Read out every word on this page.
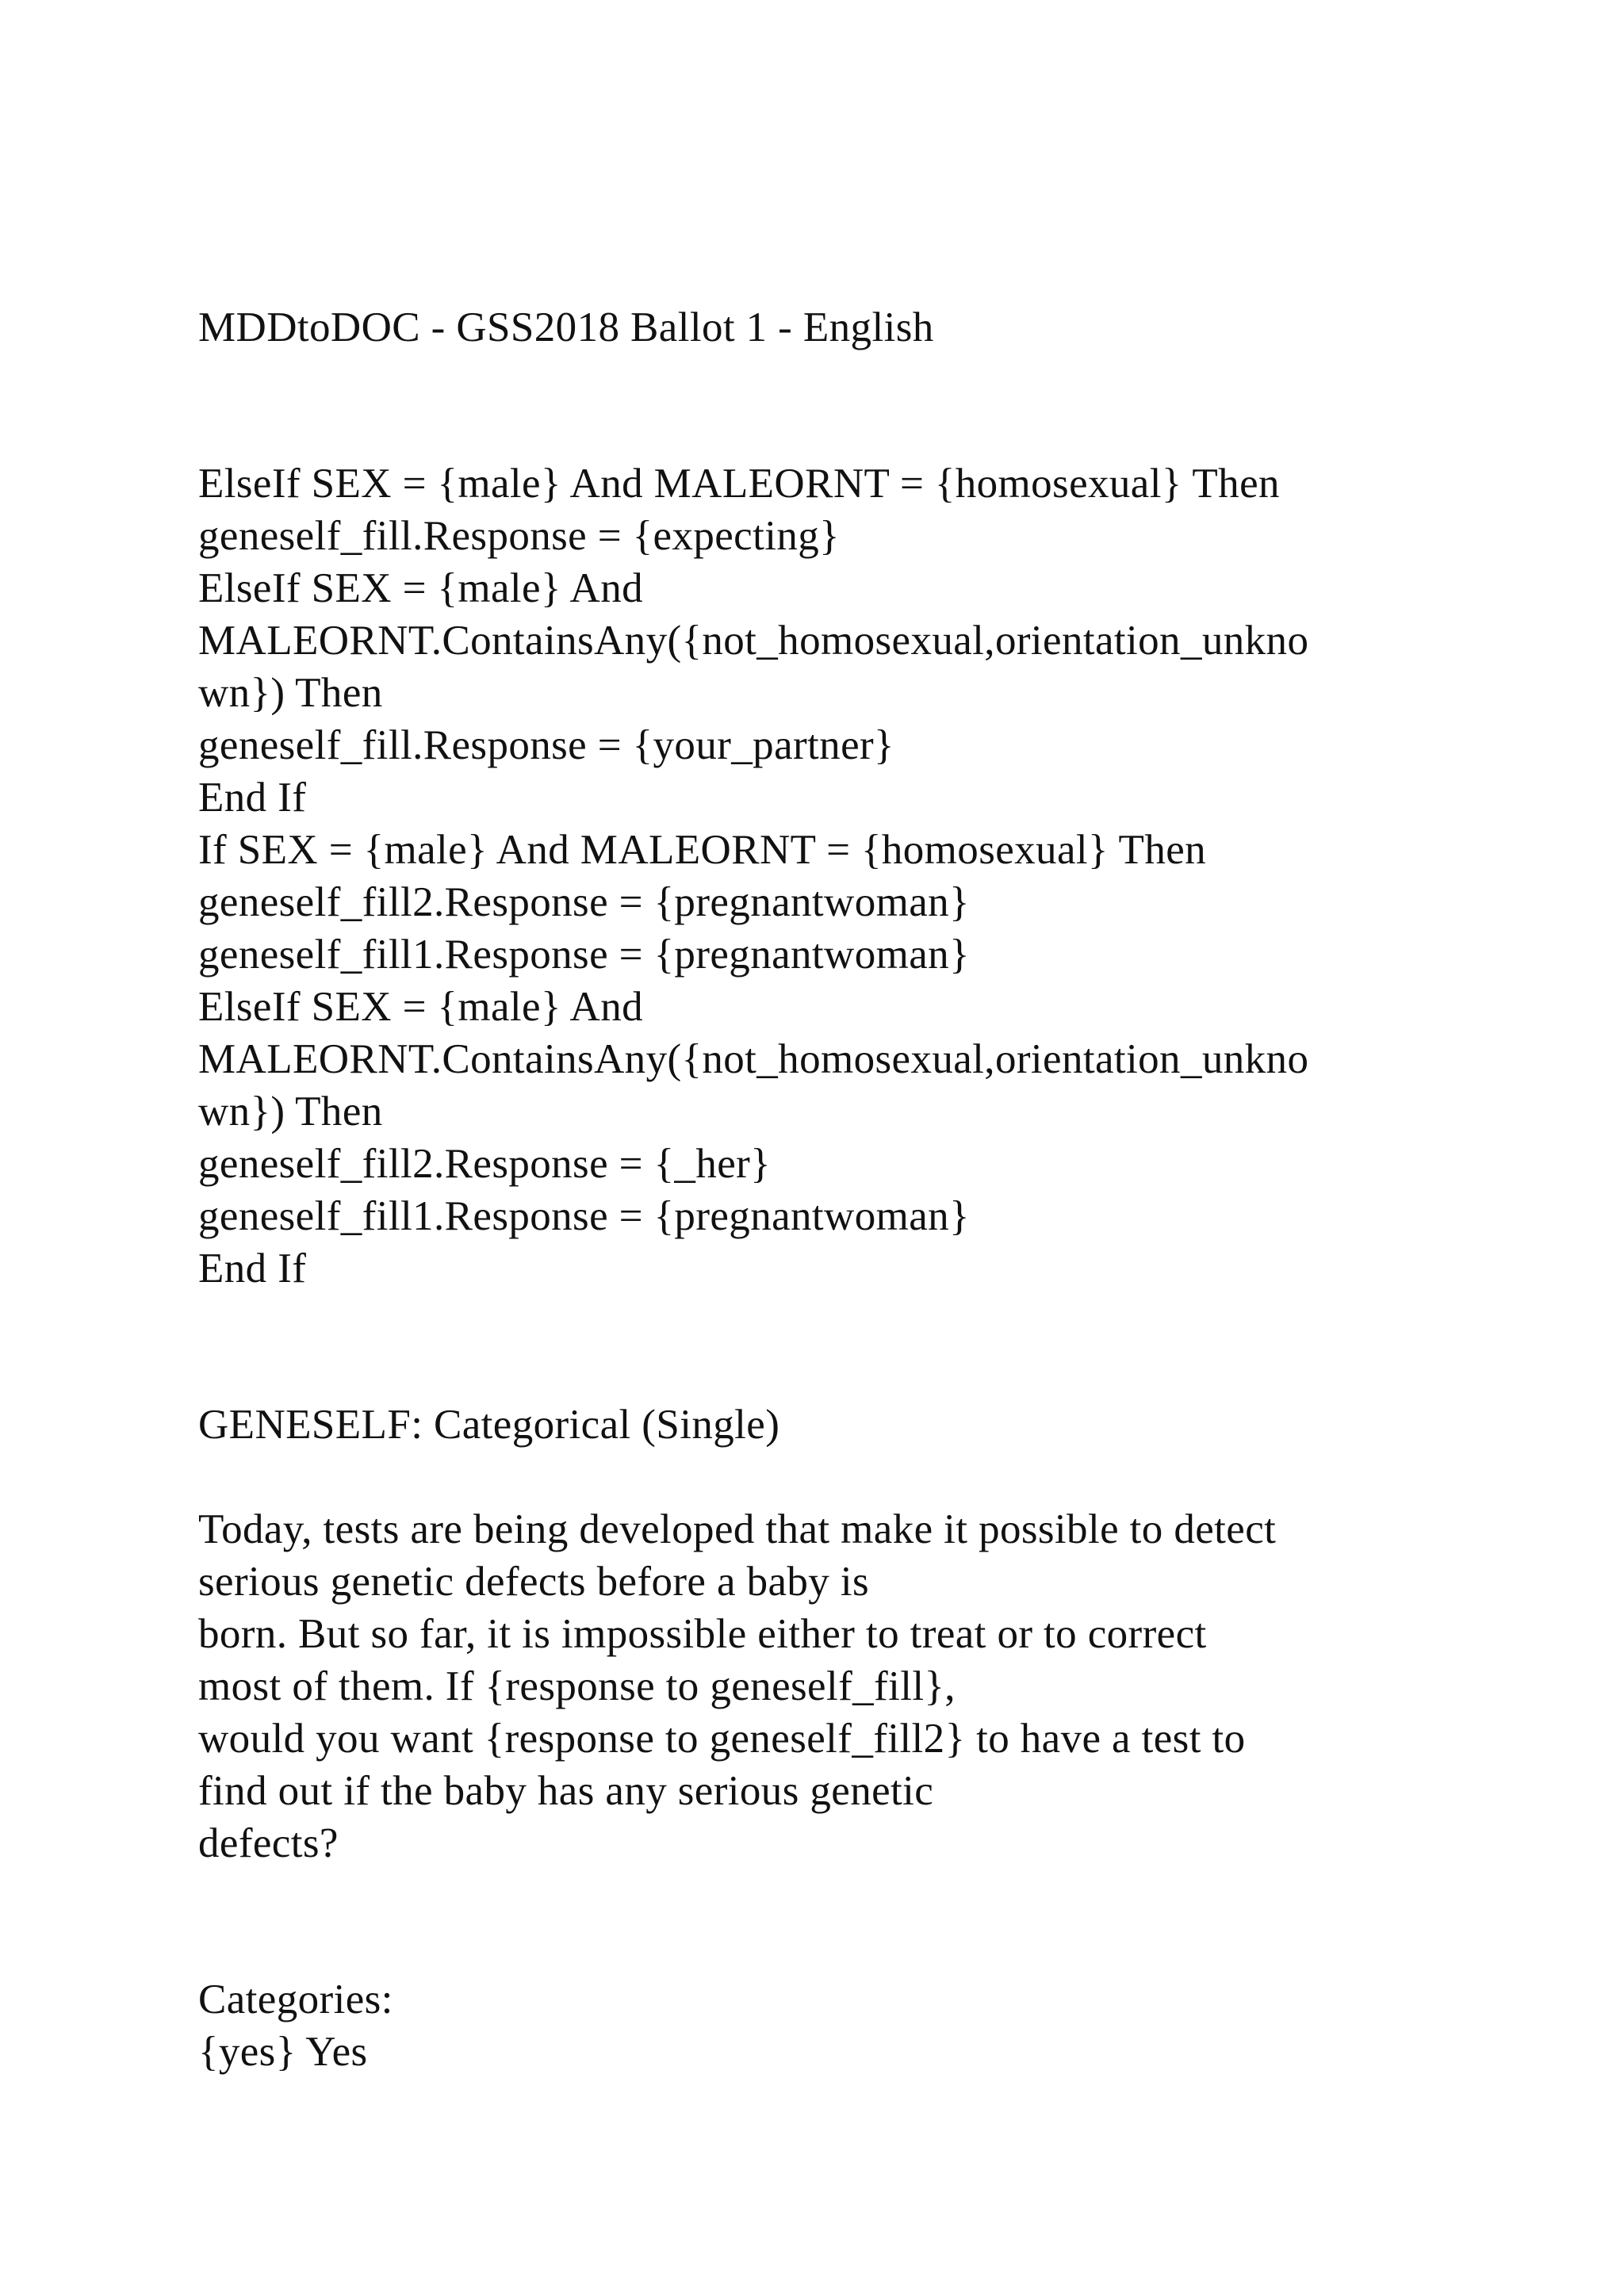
MDDtoDOC - GSS2018 Ballot 1 - English
ElseIf SEX = {male} And MALEORNT = {homosexual} Then
geneself_fill.Response = {expecting}
ElseIf SEX = {male} And
MALEORNT.ContainsAny({not_homosexual,orientation_unkno
wn}) Then
geneself_fill.Response = {your_partner}
End If
If SEX = {male} And MALEORNT = {homosexual} Then
geneself_fill2.Response = {pregnantwoman}
geneself_fill1.Response = {pregnantwoman}
ElseIf SEX = {male} And
MALEORNT.ContainsAny({not_homosexual,orientation_unkno
wn}) Then
geneself_fill2.Response = {_her}
geneself_fill1.Response = {pregnantwoman}
End If
GENESELF: Categorical (Single)
Today, tests are being developed that make it possible to detect
serious genetic defects before a baby is
born. But so far, it is impossible either to treat or to correct
most of them. If {response to geneself_fill},
would you want {response to geneself_fill2} to have a test to
find out if the baby has any serious genetic
defects?
Categories:
{yes} Yes
